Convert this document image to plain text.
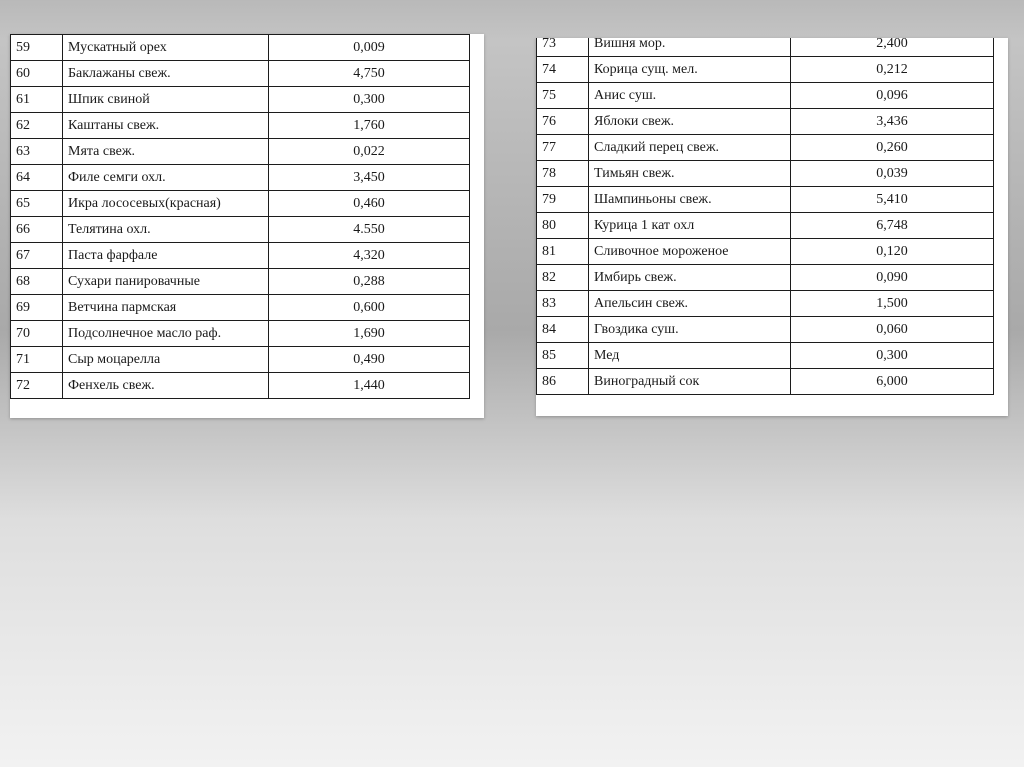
59	Мускатный орех	0,009
60	Баклажаны свеж.	4,750
61	Шпик свиной	0,300
62	Каштаны свеж.	1,760
63	Мята свеж.	0,022
64	Филе семги охл.	3,450
65	Икра лососевых(красная)	0,460
66	Телятина охл.	4.550
67	Паста фарфале	4,320
68	Сухари панировачные	0,288
69	Ветчина пармская	0,600
70	Подсолнечное масло раф.	1,690
71	Сыр моцарелла	0,490
72	Фенхель свеж.	1,440
73	Вишня мор.	2,400
74	Корица сущ. мел.	0,212
75	Анис суш.	0,096
76	Яблоки свеж.	3,436
77	Сладкий перец свеж.	0,260
78	Тимьян свеж.	0,039
79	Шампиньоны свеж.	5,410
80	Курица 1 кат охл	6,748
81	Сливочное мороженое	0,120
82	Имбирь свеж.	0,090
83	Апельсин свеж.	1,500
84	Гвоздика суш.	0,060
85	Мед	0,300
86	Виноградный сок	6,000
